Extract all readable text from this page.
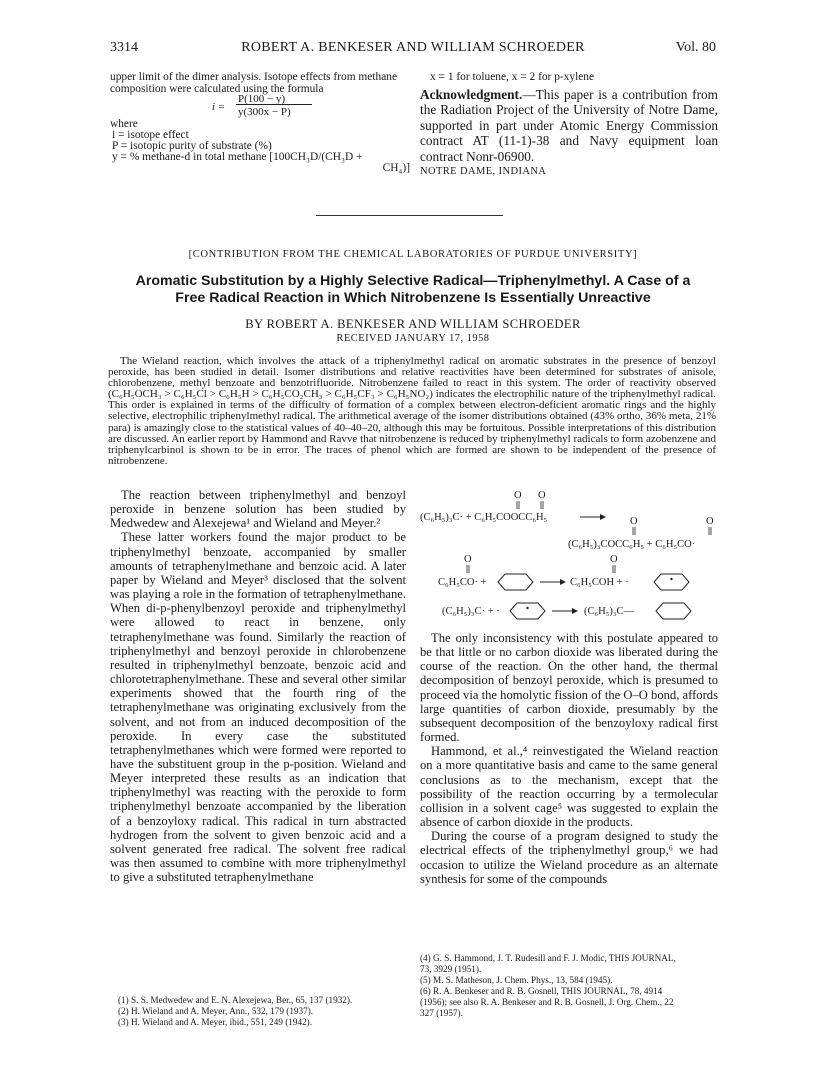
3314	ROBERT A. BENKESER AND WILLIAM SCHROEDER	Vol. 80
upper limit of the dimer analysis. Isotope effects from methane composition were calculated using the formula
i =
P(100 − y)
y(300x − P)
where
i = isotope effect
P = isotopic purity of substrate (%)
y = % methane-d in total methane [100CH₃D/(CH₃D +
CH₄)]
x = 1 for toluene, x = 2 for p-xylene
Acknowledgment.—This paper is a contribution from the Radiation Project of the University of Notre Dame, supported in part under Atomic Energy Commission contract AT (11-1)-38 and Navy equipment loan contract Nonr-06900.
NOTRE DAME, INDIANA
[CONTRIBUTION FROM THE CHEMICAL LABORATORIES OF PURDUE UNIVERSITY]
Aromatic Substitution by a Highly Selective Radical—Triphenylmethyl. A Case of a
Free Radical Reaction in Which Nitrobenzene Is Essentially Unreactive
BY ROBERT A. BENKESER AND WILLIAM SCHROEDER
RECEIVED JANUARY 17, 1958
The Wieland reaction, which involves the attack of a triphenylmethyl radical on aromatic substrates in the presence of benzoyl peroxide, has been studied in detail. Isomer distributions and relative reactivities have been determined for substrates of anisole, chlorobenzene, methyl benzoate and benzotrifluoride. Nitrobenzene failed to react in this system. The order of reactivity observed (C₆H₅OCH₃ > C₆H₅Cl > C₆H₅H > C₆H₅CO₂CH₃ > C₆H₅CF₃ > C₆H₅NO₂) indicates the electrophilic nature of the triphenylmethyl radical. This order is explained in terms of the difficulty of formation of a complex between electron-deficient aromatic rings and the highly selective, electrophilic triphenylmethyl radical. The arithmetical average of the isomer distributions obtained (43% ortho, 36% meta, 21% para) is amazingly close to the statistical values of 40–40–20, although this may be fortuitous. Possible interpretations of this distribution are discussed. An earlier report by Hammond and Ravve that nitrobenzene is reduced by triphenylmethyl radicals to form azobenzene and triphenylcarbinol is shown to be in error. The traces of phenol which are formed are shown to be independent of the presence of nitrobenzene.

The reaction between triphenylmethyl and benzoyl peroxide in benzene solution has been studied by Medwedew and Alexejewa¹ and Wieland and Meyer.²

These latter workers found the major product to be triphenylmethyl benzoate, accompanied by smaller amounts of tetraphenylmethane and benzoic acid. A later paper by Wieland and Meyer³ disclosed that the solvent was playing a role in the formation of tetraphenylmethane. When di-p-phenylbenzoyl peroxide and triphenylmethyl were allowed to react in benzene, only tetraphenylmethane was found. Similarly the reaction of triphenylmethyl and benzoyl peroxide in chlorobenzene resulted in triphenylmethyl benzoate, benzoic acid and chlorotetraphenylmethane. These and several other similar experiments showed that the fourth ring of the tetraphenylmethane was originating exclusively from the solvent, and not from an induced decomposition of the peroxide. In every case the substituted tetraphenylmethanes which were formed were reported to have the substituent group in the p-position. Wieland and Meyer interpreted these results as an indication that triphenylmethyl was reacting with the peroxide to form triphenylmethyl benzoate accompanied by the liberation of a benzoyloxy radical. This radical in turn abstracted hydrogen from the solvent to given benzoic acid and a solvent generated free radical. The solvent free radical was then assumed to combine with more triphenylmethyl to give a substituted tetraphenylmethane

(1) S. S. Medwedew and E. N. Alexejewa, Ber., 65, 137 (1932).
(2) H. Wieland and A. Meyer, Ann., 532, 179 (1937).
(3) H. Wieland and A. Meyer, ibid., 551, 249 (1942).
O O
(C₆H₅)₃C· + C₆H₅COOCC₆H₅	O	O
(C₆H₅)₃COCC₆H₅ + C₆H₅CO·
O	O
C₆H₅CO· +	C₆H₅COH + ·
(C₆H₅)₃C· + ·	(C₆H₅)₃C—

The only inconsistency with this postulate appeared to be that little or no carbon dioxide was liberated during the course of the reaction. On the other hand, the thermal decomposition of benzoyl peroxide, which is presumed to proceed via the homolytic fission of the O–O bond, affords large quantities of carbon dioxide, presumably by the subsequent decomposition of the benzoyloxy radical first formed.

Hammond, et al.,⁴ reinvestigated the Wieland reaction on a more quantitative basis and came to the same general conclusions as to the mechanism, except that the possibility of the reaction occurring by a termolecular collision in a solvent cage⁵ was suggested to explain the absence of carbon dioxide in the products.

During the course of a program designed to study the electrical effects of the triphenylmethyl group,⁶ we had occasion to utilize the Wieland procedure as an alternate synthesis for some of the compounds

(4) G. S. Hammond, J. T. Rudesill and F. J. Modic, THIS JOURNAL,
73, 3929 (1951).
(5) M. S. Matheson, J. Chem. Phys., 13, 584 (1945).
(6) R. A. Benkeser and R. B. Gosnell, THIS JOURNAL, 78, 4914
(1956); see also R. A. Benkeser and R. B. Gosnell, J. Org. Chem., 22
327 (1957).
